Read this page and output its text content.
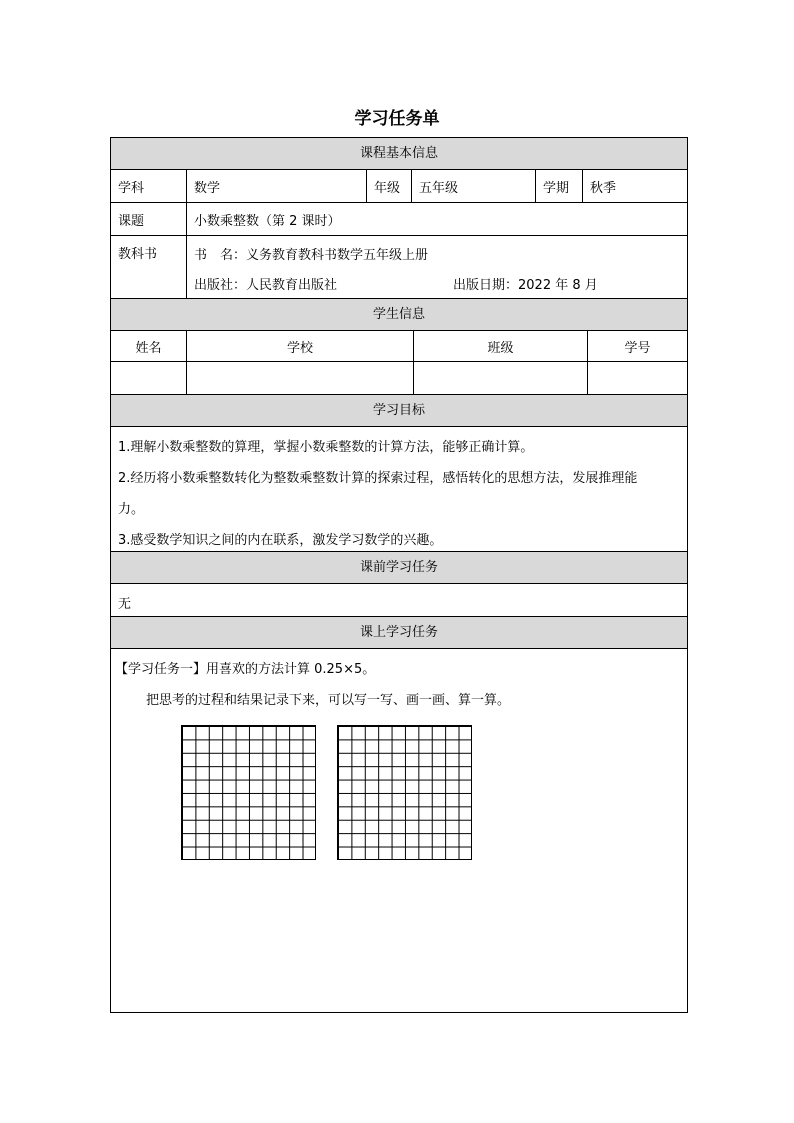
学习任务单
课程基本信息
学科	数学	年级	五年级	学期	秋季
课题	小数乘整数（第 2 课时）
教科书	书　名：义务教育教科书数学五年级上册
出版社：人民教育出版社	出版日期：2022 年 8 月
学生信息
姓名	学校	班级	学号
学习目标
1.理解小数乘整数的算理，掌握小数乘整数的计算方法，能够正确计算。
2.经历将小数乘整数转化为整数乘整数计算的探索过程，感悟转化的思想方法，发展推理能
力。
3.感受数学知识之间的内在联系，激发学习数学的兴趣。
课前学习任务
无
课上学习任务
【学习任务一】用喜欢的方法计算 0.25×5。
把思考的过程和结果记录下来，可以写一写、画一画、算一算。
